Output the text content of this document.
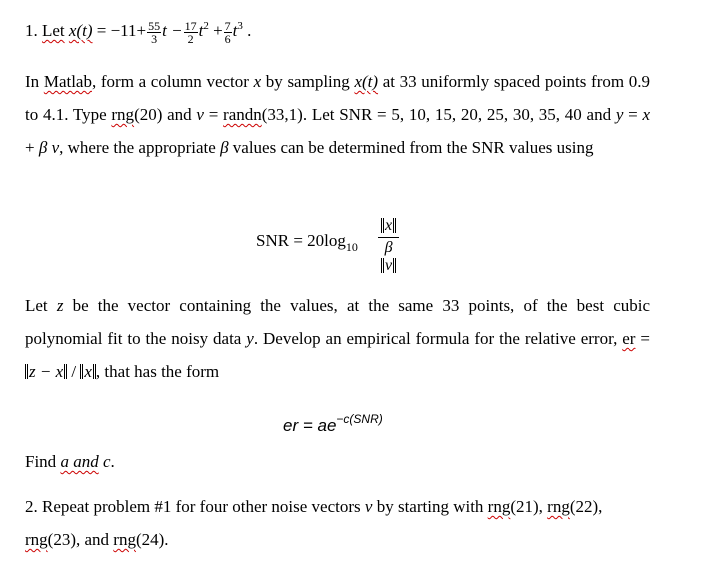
1. Let $x(t) = -11+ \frac{55}{3}$ $t - \frac{17}{2} t^2 + \frac{7}{6} t^3$ .

In Matlab, form a column vector x by sampling x(t) at 33 uniformly spaced points from 0.9 to 4.1. Type rng(20) and v = randn(33,1). Let SNR = 5, 10, 15, 20, 25, 30, 35, 40 and y = x + β v, where the appropriate β values can be determined from the SNR values using

SNR = $20\log_{10} \frac{x}{\beta v}$

Let z be the vector containing the values, at the same 33 points, of the best cubic polynomial fit to the noisy data y. Develop an empirical formula for the relative error, er = z − x / x , that has the form

er = $ae^{-c(SNR)}$
Find a and c.

2. Repeat problem #1 for four other noise vectors v by starting with rng(21), rng(22),
rng(23), and rng(24).
